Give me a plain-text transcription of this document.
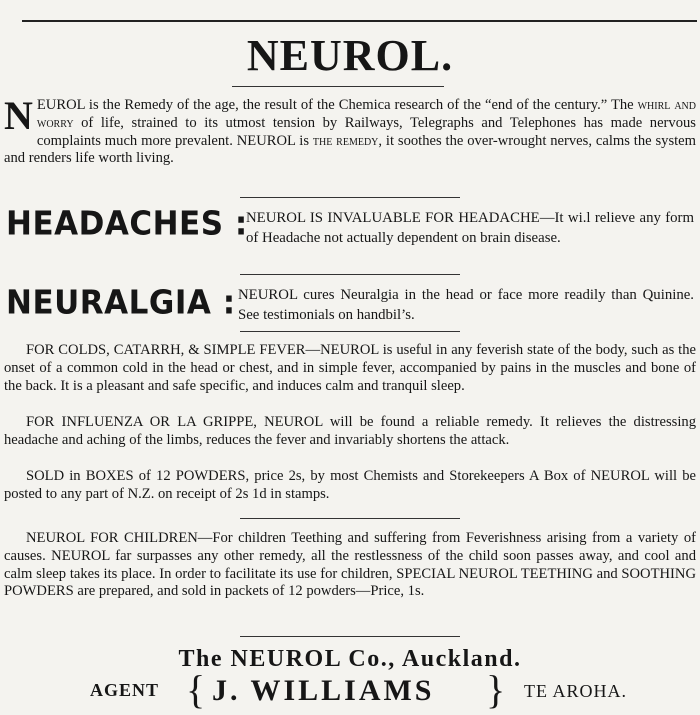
NEUROL.
NEUROL is the Remedy of the age, the result of the Chemica research of the “end of the century.” The whirl and worry of life, strained to its utmost tension by Railways, Telegraphs and Telephones has made nervous complaints much more prevalent. NEUROL is the remedy, it soothes the over-wrought nerves, calms the system and renders life worth living.
HEADACHES :
NEUROL IS INVALUABLE FOR HEADACHE—It wi.l relieve any form of Headache not actually dependent on brain disease.
NEURALGIA : NEUROL cures Neuralgia in the head or face more readily than Quinine. See testimonials on handbil’s.
FOR COLDS, CATARRH, & SIMPLE FEVER—NEUROL is useful in any feverish state of the body, such as the onset of a common cold in the head or chest, and in simple fever, accompanied by pains in the muscles and bone of the back. It is a pleasant and safe specific, and induces calm and tranquil sleep.
FOR INFLUENZA OR LA GRIPPE, NEUROL will be found a reliable remedy. It relieves the distressing headache and aching of the limbs, reduces the fever and invariably shortens the attack.
SOLD in BOXES of 12 POWDERS, price 2s, by most Chemists and Storekeepers A Box of NEUROL will be posted to any part of N.Z. on receipt of 2s 1d in stamps.
NEUROL FOR CHILDREN—For children Teething and suffering from Feverishness arising from a variety of causes. NEUROL far surpasses any other remedy, all the restlessness of the child soon passes away, and cool and calm sleep takes its place. In order to facilitate its use for children, SPECIAL NEUROL TEETHING and SOOTHING POWDERS are prepared, and sold in packets of 12 powders—Price, 1s.
The NEUROL Co., Auckland.
AGENT { J. WILLIAMS } TE AROHA.
